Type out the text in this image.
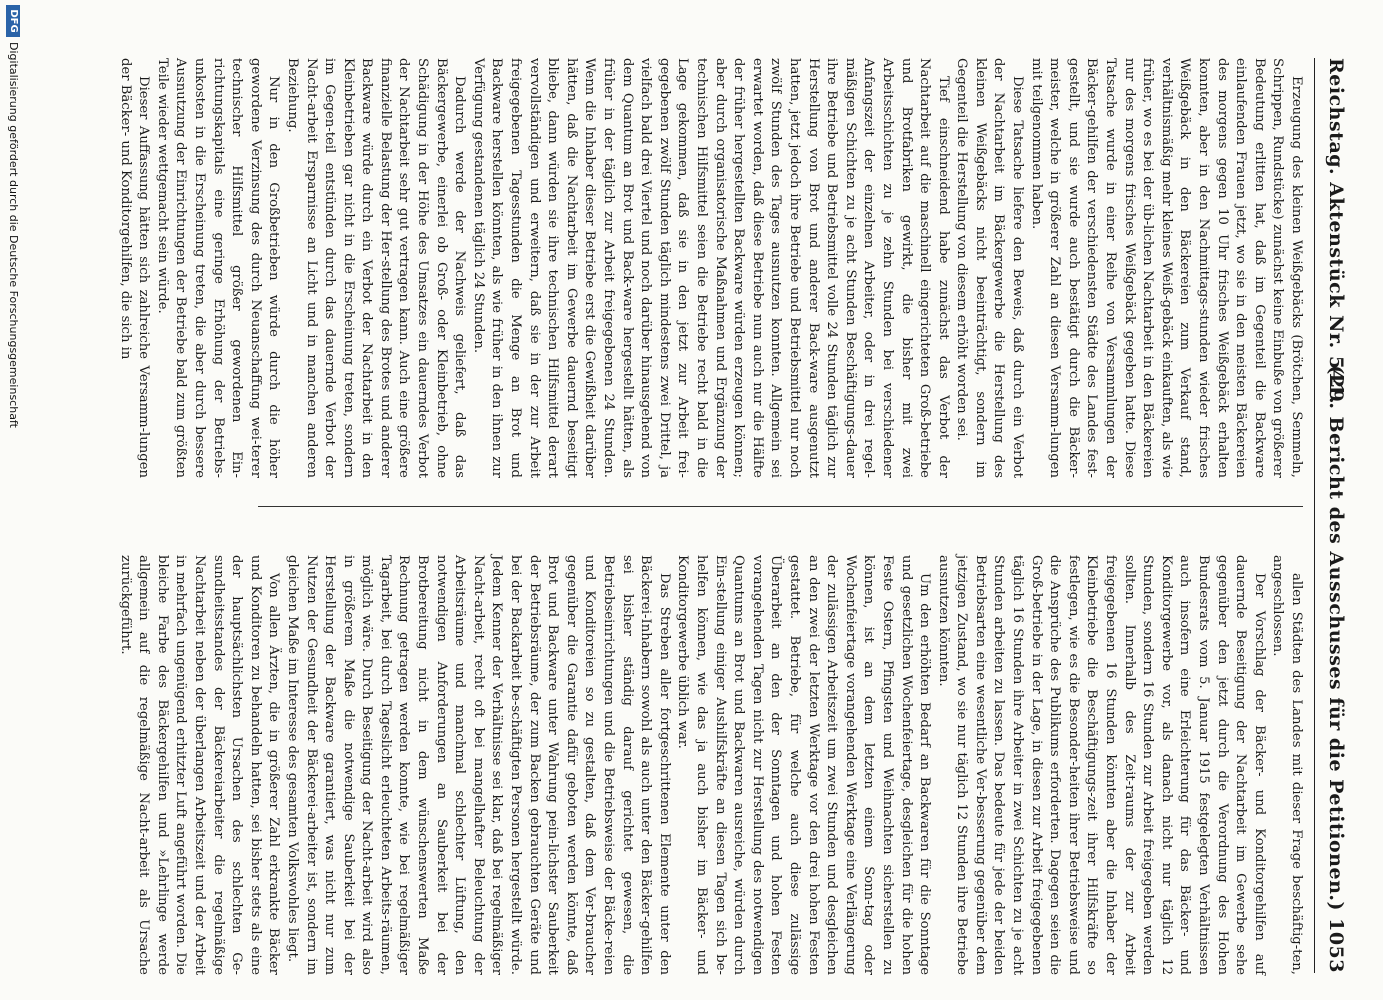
Reichstag. Aktenstück Nr. 541.
(29. Bericht des Ausschusses für die Petitionen.) 1053

Erzeugung des kleinen Weißgebäcks (Brötchen, Semmeln, Schrippen, Rundstücke) zunächst keine Einbuße von größerer Bedeutung erlitten hat, daß im Gegenteil die Backware einlaufenden Frauen jetzt, wo sie in den meisten Bäckereien des morgens gegen 10 Uhr frisches Weißgebäck erhalten konnten, aber in den Nachmittags-stunden wieder frisches Weißgebäck in den Bäckereien zum Verkauf stand, verhältnismäßig mehr kleines Weiß-gebäck einkauften, als wie früher, wo es bei der üb-lichen Nachtarbeit in den Bäckereien nur des morgens frisches Weißgebäck gegeben hatte. Diese Tatsache wurde in einer Reihe von Versammlungen der Bäcker-gehilfen der verschiedensten Städte des Landes fest-gestellt, und sie wurde auch bestätigt durch die Bäcker-meister, welche in größerer Zahl an diesen Versamm-lungen mit teilgenommen haben.

Diese Tatsache liefere den Beweis, daß durch ein Verbot der Nachtarbeit im Bäckergewerbe die Herstellung des kleinen Weißgebäcks nicht beeinträchtigt, sondern im Gegenteil die Herstellung von diesem erhöht worden sei.

Tief einschneidend habe zunächst das Verbot der Nachtarbeit auf die maschinell eingerichteten Groß-betriebe und Brotfabriken gewirkt, die bisher mit zwei Arbeitsschichten zu je zehn Stunden bei verschiedener Anfangszeit der einzelnen Arbeiter, oder in drei regel-mäßigen Schichten zu je acht Stunden Beschäftigungs-dauer ihre Betriebe und Betriebsmittel volle 24 Stunden täglich zur Herstellung von Brot und anderer Back-ware ausgenutzt hatten, jetzt jedoch ihre Betriebe und Betriebsmittel nur noch zwölf Stunden des Tages ausnutzen konnten. Allgemein sei erwartet worden, daß diese Betriebe nun auch nur die Hälfte der früher hergestellten Backware würden erzeugen können; aber durch organisatorische Maßnahmen und Ergänzung der technischen Hilfsmittel seien die Betriebe recht bald in die Lage gekommen, daß sie in den jetzt zur Arbeit frei-gegebenen zwölf Stunden täglich mindestens zwei Drittel, ja vielfach bald drei Viertel und noch darüber hinausgehend von dem Quantum an Brot und Back-ware hergestellt hätten, als früher in der täglich zur Arbeit freigegebenen 24 Stunden. Wenn die Inhaber dieser Betriebe erst die Gewißheit darüber hätten, daß die Nachtarbeit im Gewerbe dauernd beseitigt bliebe, dann würden sie ihre technischen Hilfsmittel derart vervollständigen und erweitern, daß sie in der zur Arbeit freigegebenen Tagesstunden die Menge an Brot und Backware herstellen könnten, als wie früher in den ihnen zur Verfügung gestandenen täglich 24 Stunden.

Dadurch werde der Nachweis geliefert, daß das Bäckergewerbe, einerlei ob Groß- oder Kleinbetrieb, ohne Schädigung in der Höhe des Umsatzes ein dauerndes Verbot der Nachtarbeit sehr gut vertragen kann. Auch eine größere finanzielle Belastung der Her-stellung des Brotes und anderer Backware würde durch ein Verbot der Nachtarbeit in den Kleinbetrieben gar nicht in die Erscheinung treten, sondern im Gegen-teil entstünden durch das dauernde Verbot der Nacht-arbeit Ersparnisse an Licht und in manchen anderen Beziehung.

Nur in den Großbetrieben würde durch die höher gewordene Verzinsung des durch Neuanschaffung wei-terer technischer Hilfsmittel größer gewordenen Ein-richtungskapitals eine geringe Erhöhung der Betriebs-unkosten in die Erscheinung treten, die aber durch bessere Ausnutzung der Einrichtungen der Betriebe bald zum größten Teile wieder wettgemacht sein würde.

Dieser Auffassung hätten sich zahlreiche Versamm-lungen der Bäcker- und Konditorgehilfen, die sich in

allen Städten des Landes mit dieser Frage beschäftig-ten, angeschlossen.

Der Vorschlag der Bäcker- und Konditorgehilfen auf dauernde Beseitigung der Nachtarbeit im Gewerbe sehe gegenüber den jetzt durch die Verordnung des Hohen Bundesrats vom 5. Januar 1915 festgelegten Verhältnissen auch insofern eine Erleichterung für das Bäcker- und Konditorgewerbe vor, als danach nicht nur täglich 12 Stunden, sondern 16 Stunden zur Arbeit freigegeben werden sollten. Innerhalb des Zeit-raums der zur Arbeit freigegebenen 16 Stunden könnten aber die Inhaber der Kleinbetriebe die Beschäftigungs-zeit ihrer Hilfskräfte so festlegen, wie es die Besonder-heiten ihrer Betriebsweise und die Ansprüche des Publikums erforderten. Dagegen seien die Groß-betriebe in der Lage, in diesen zur Arbeit freigegebenen täglich 16 Stunden ihre Arbeiter in zwei Schichten zu je acht Stunden arbeiten zu lassen. Das bedeute für jede der beiden Betriebsarten eine wesentliche Ver-besserung gegenüber dem jetzigen Zustand, wo sie nur täglich 12 Stunden ihre Betriebe ausnutzen könnten.

Um den erhöhten Bedarf an Backwaren für die Sonntage und gesetzlichen Wochenfeiertage, desgleichen für die hohen Feste Ostern, Pfingsten und Weihnachten sicherstellen zu können, ist an dem letzten einem Sonn-tag oder Wochenfeiertage vorangehenden Werktage eine Verlängerung der zulässigen Arbeitszeit um zwei Stunden und desgleichen an den zwei der letzten Werktage vor den drei hohen Festen gestattet. Betriebe, für welche auch diese zulässige Überarbeit an den der Sonntagen und hohen Festen vorangehenden Tagen nicht zur Herstellung des notwendigen Quantums an Brot und Backwaren ausreiche, würden durch Ein-stellung einiger Aushilfskräfte an diesen Tagen sich be-helfen können, wie das ja auch bisher im Bäcker- und Konditorgewerbe üblich war.

Das Streben aller fortgeschrittenen Elemente unter den Bäckerei-Inhabern sowohl als auch unter den Bäcker-gehilfen sei bisher ständig darauf gerichtet gewesen, die Betriebseinrichtungen und die Betriebsweise der Bäcke-reien und Konditoreien so zu gestalten, daß dem Ver-braucher gegenüber die Garantie dafür geboten werden könnte, daß Brot und Backware unter Wahrung pein-lichster Sauberkeit der Betriebsräume, der zum Backen gebrauchten Geräte und bei der Backarbeit be-schäftigten Personen hergestellt würde. Jedem Kenner der Verhältnisse sei klar, daß bei regelmäßiger Nacht-arbeit, recht oft bei mangelhafter Beleuchtung der Arbeitsräume und manchmal schlechter Lüftung, den notwendigen Anforderungen an Sauberkeit bei der Brotbereitung nicht in dem wünschenswerten Maße Rechnung getragen werden konnte, wie bei regelmäßiger Tagarbeit, bei durch Tageslicht erleuchteten Arbeits-räumen, möglich wäre. Durch Beseitigung der Nacht-arbeit wird also in größerem Maße die notwendige Sauberkeit bei der Herstellung der Backware garantiert, was nicht nur zum Nutzen der Gesundheit der Bäckerei-arbeiter ist, sondern im gleichen Maße im Interesse des gesamten Volkswohles liegt.

Von allen Ärzten, die in größerer Zahl erkrankte Bäcker und Konditoren zu behandeln hatten, sei bisher stets als eine der hauptsächlichsten Ursachen des schlechten Ge-sundheitsstandes der Bäckereiarbeiter die regelmäßige Nachtarbeit neben der überlangen Arbeitszeit und der Arbeit in mehrfach ungenügend erhitzter Luft angeführt worden. Die bleiche Farbe des Bäckergehilfen und »Lehrlinge werde allgemein auf die regelmäßige Nacht-arbeit als Ursache zurückgeführt.

DFG
Digitalisierung gefördert durch die Deutsche Forschungsgemeinschaft
